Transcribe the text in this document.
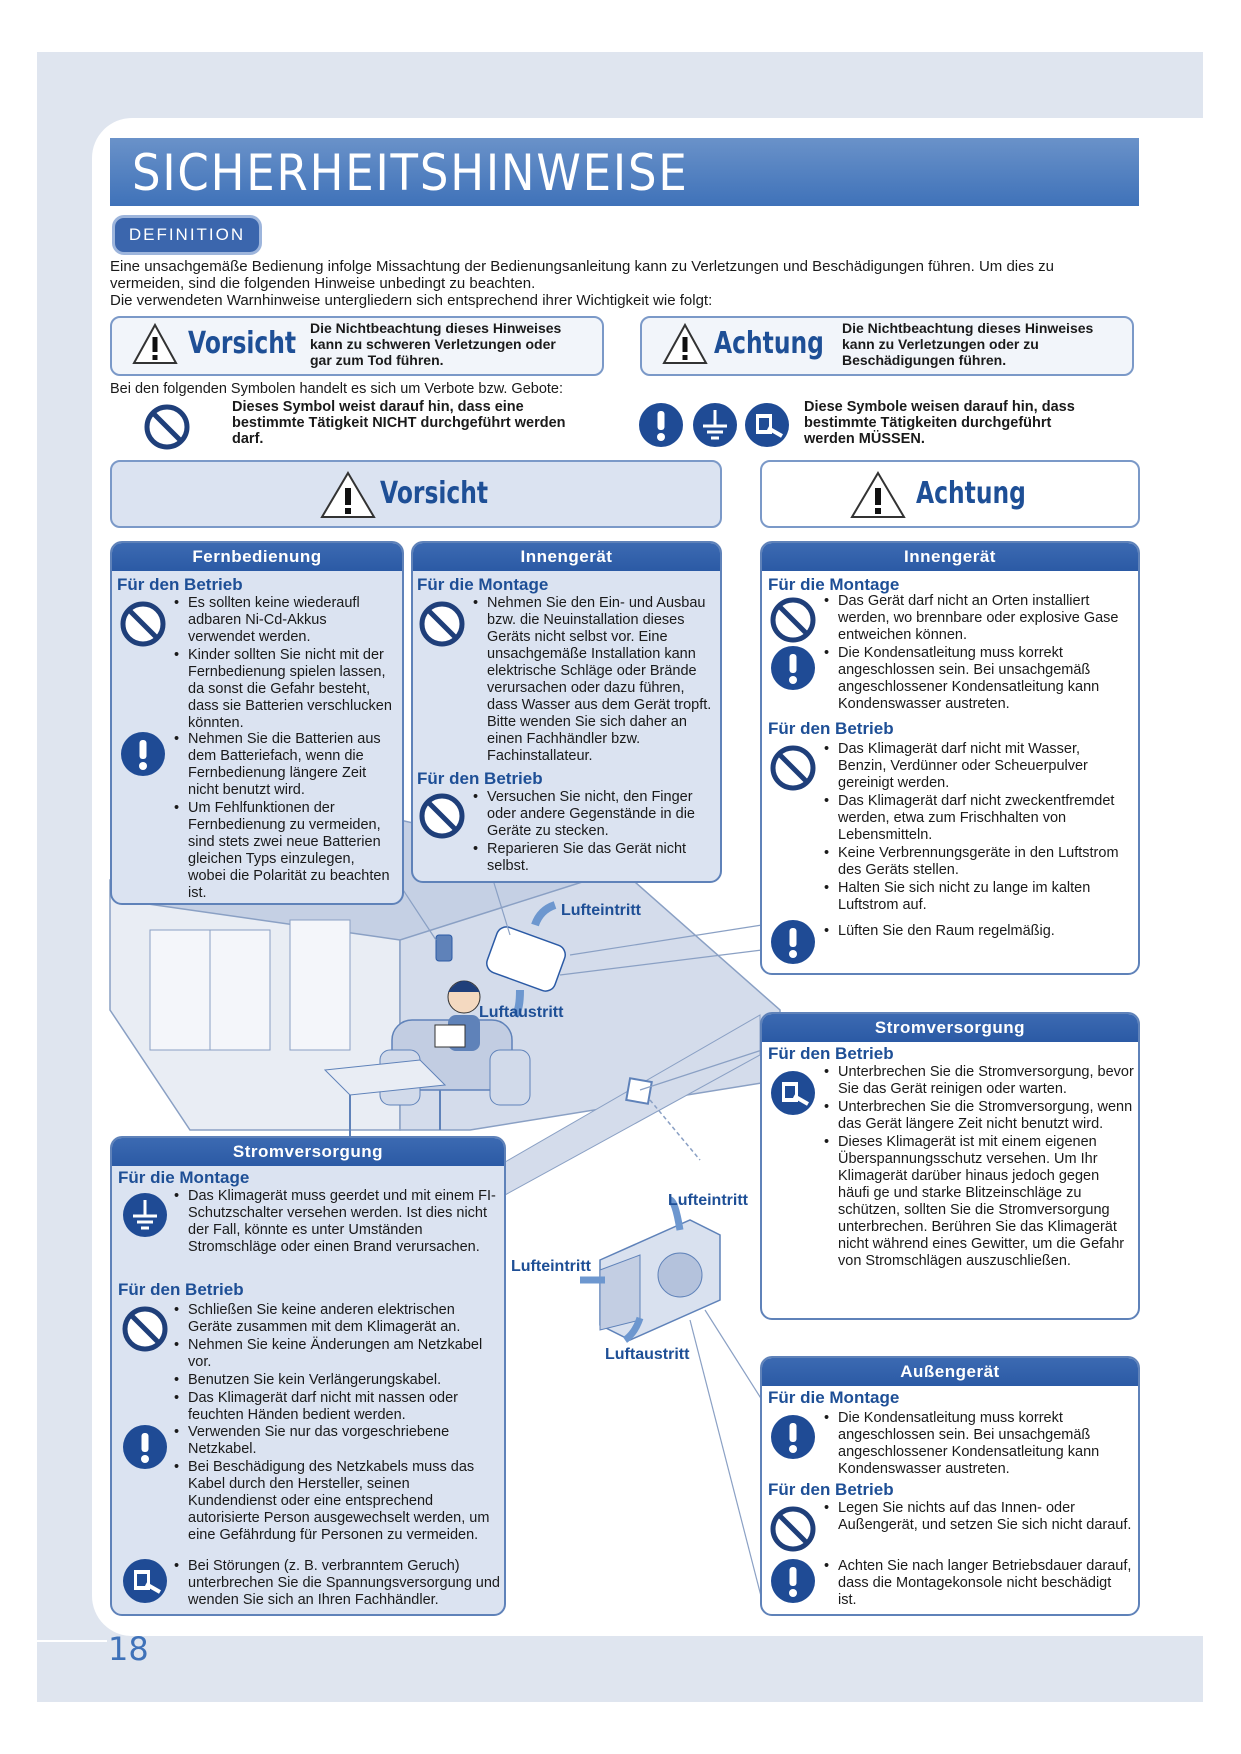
SICHERHEITSHINWEISE
DEFINITION
Eine unsachgemäße Bedienung infolge Missachtung der Bedienungsanleitung kann zu Verletzungen und Beschädigungen führen. Um dies zu
vermeiden, sind die folgenden Hinweise unbedingt zu beachten.
Die verwendeten Warnhinweise untergliedern sich entsprechend ihrer Wichtigkeit wie folgt:
Vorsicht Die Nichtbeachtung dieses Hinweises
kann zu schweren Verletzungen oder
gar zum Tod führen.	Achtung Die Nichtbeachtung dieses Hinweises
kann zu Verletzungen oder zu
Beschädigungen führen.
Bei den folgenden Symbolen handelt es sich um Verbote bzw. Gebote:
Dieses Symbol weist darauf hin, dass eine
bestimmte Tätigkeit NICHT durchgeführt werden
darf.
Diese Symbole weisen darauf hin, dass
bestimmte Tätigkeiten durchgeführt
werden MÜSSEN.
Vorsicht	Achtung
Lufteintritt
Luftaustritt
Lufteintritt
Lufteintritt
Luftaustritt
Fernbedienung
Für den Betrieb
• Es sollten keine wiederaufl adbaren Ni-Cd-Akkus verwendet werden.
• Kinder sollten Sie nicht mit der Fernbedienung spielen lassen, da sonst die Gefahr besteht, dass sie Batterien verschlucken könnten.
• Nehmen Sie die Batterien aus dem Batteriefach, wenn die Fernbedienung längere Zeit nicht benutzt wird.
• Um Fehlfunktionen der Fernbedienung zu vermeiden, sind stets zwei neue Batterien gleichen Typs einzulegen, wobei die Polarität zu beachten ist.
Innengerät
Für die Montage
• Nehmen Sie den Ein- und Ausbau bzw. die Neuinstallation dieses Geräts nicht selbst vor. Eine unsachgemäße Installation kann elektrische Schläge oder Brände verursachen oder dazu führen, dass Wasser aus dem Gerät tropft. Bitte wenden Sie sich daher an einen Fachhändler bzw. Fachinstallateur.
Für den Betrieb
• Versuchen Sie nicht, den Finger oder andere Gegenstände in die Geräte zu stecken.
• Reparieren Sie das Gerät nicht selbst.
Innengerät
Für die Montage
• Das Gerät darf nicht an Orten installiert werden, wo brennbare oder explosive Gase entweichen können.
• Die Kondensatleitung muss korrekt angeschlossen sein. Bei unsachgemäß angeschlossener Kondensatleitung kann Kondenswasser austreten.
Für den Betrieb
• Das Klimagerät darf nicht mit Wasser, Benzin, Verdünner oder Scheuerpulver gereinigt werden.
• Das Klimagerät darf nicht zweckentfremdet werden, etwa zum Frischhalten von Lebensmitteln.
• Keine Verbrennungsgeräte in den Luftstrom des Geräts stellen.
• Halten Sie sich nicht zu lange im kalten Luftstrom auf.
• Lüften Sie den Raum regelmäßig.
Stromversorgung
Für den Betrieb
• Unterbrechen Sie die Stromversorgung, bevor Sie das Gerät reinigen oder warten.
• Unterbrechen Sie die Stromversorgung, wenn das Gerät längere Zeit nicht benutzt wird.
• Dieses Klimagerät ist mit einem eigenen Überspannungsschutz versehen. Um Ihr Klimagerät darüber hinaus jedoch gegen häufi ge und starke Blitzeinschläge zu schützen, sollten Sie die Stromversorgung unterbrechen. Berühren Sie das Klimagerät nicht während eines Gewitter, um die Gefahr von Stromschlägen auszuschließen.
Außengerät
Für die Montage
• Die Kondensatleitung muss korrekt angeschlossen sein. Bei unsachgemäß angeschlossener Kondensatleitung kann Kondenswasser austreten.
Für den Betrieb
• Legen Sie nichts auf das Innen- oder Außengerät, und setzen Sie sich nicht darauf.
• Achten Sie nach langer Betriebsdauer darauf, dass die Montagekonsole nicht beschädigt ist.
Stromversorgung
Für die Montage
• Das Klimagerät muss geerdet und mit einem FI-Schutzschalter versehen werden. Ist dies nicht der Fall, könnte es unter Umständen Stromschläge oder einen Brand verursachen.
Für den Betrieb
• Schließen Sie keine anderen elektrischen Geräte zusammen mit dem Klimagerät an.
• Nehmen Sie keine Änderungen am Netzkabel vor.
• Benutzen Sie kein Verlängerungskabel.
• Das Klimagerät darf nicht mit nassen oder feuchten Händen bedient werden.
• Verwenden Sie nur das vorgeschriebene Netzkabel.
• Bei Beschädigung des Netzkabels muss das Kabel durch den Hersteller, seinen Kundendienst oder eine entsprechend autorisierte Person ausgewechselt werden, um eine Gefährdung für Personen zu vermeiden.
• Bei Störungen (z. B. verbranntem Geruch) unterbrechen Sie die Spannungsversorgung und wenden Sie sich an Ihren Fachhändler.
18
